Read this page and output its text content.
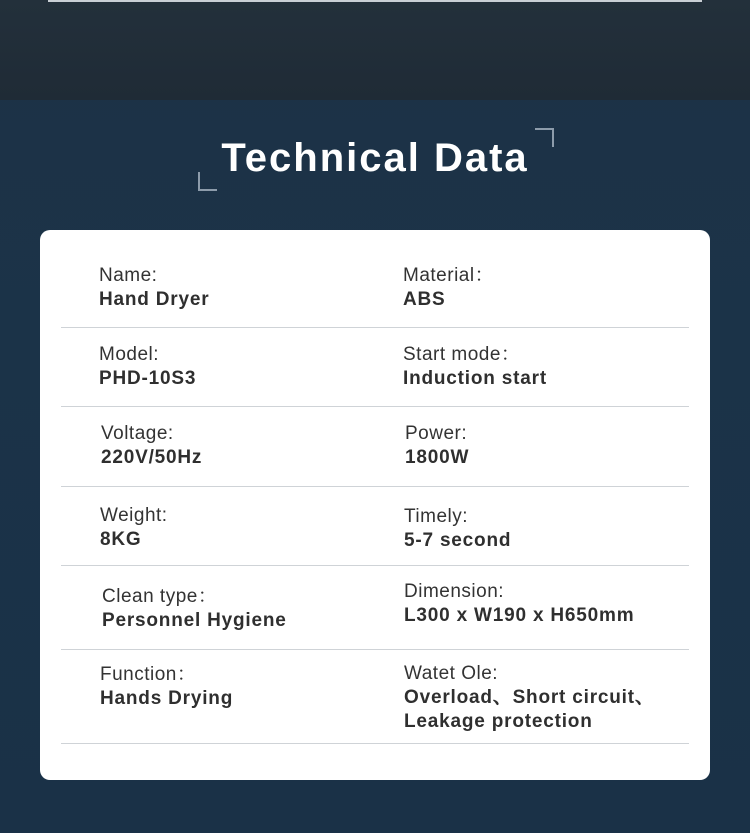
Technical Data
Name:
Hand Dryer
Material：
ABS
Model:
PHD-10S3
Start mode：
Induction start
Voltage:
220V/50Hz
Power:
1800W
Weight:
8KG
Timely:
5-7 second
Clean type：
Personnel Hygiene
Dimension:
L300 x W190 x H650mm
Function：
Hands Drying
Watet Ole:
Overload、Short circuit、
Leakage protection
